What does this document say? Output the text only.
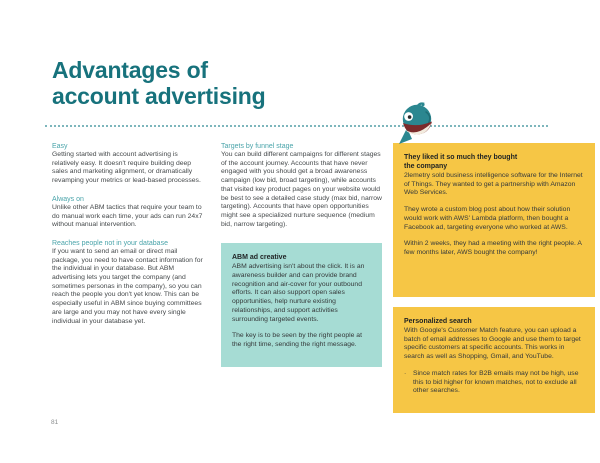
Advantages of
account advertising
Easy

Getting started with account advertising is relatively easy. It doesn't require building deep sales and marketing alignment, or dramatically revamping your metrics or lead-based processes.

Always on

Unlike other ABM tactics that require your team to do manual work each time, your ads can run 24x7 without manual intervention.

Reaches people not in your database

If you want to send an email or direct mail package, you need to have contact information for the individual in your database. But ABM advertising lets you target the company (and sometimes personas in the company), so you can reach the people you don't yet know. This can be especially useful in ABM since buying committees are large and you may not have every single individual in your database yet.

Targets by funnel stage

You can build different campaigns for different stages of the account journey. Accounts that have never engaged with you should get a broad awareness campaign (low bid, broad targeting), while accounts that visited key product pages on your website would be best to see a detailed case study (max bid, narrow targeting). Accounts that have open opportunities might see a specialized nurture sequence (medium bid, narrow targeting).

ABM ad creative

ABM advertising isn't about the click. It is an awareness builder and can provide brand recognition and air-cover for your outbound efforts. It can also support open sales opportunities, help nurture existing relationships, and support activities surrounding targeted events.

The key is to be seen by the right people at the right time, sending the right message.

They liked it so much they bought the company

2lemetry sold business intelligence software for the Internet of Things. They wanted to get a partnership with Amazon Web Services.

They wrote a custom blog post about how their solution would work with AWS' Lambda platform, then bought a Facebook ad, targeting everyone who worked at AWS.

Within 2 weeks, they had a meeting with the right people. A few months later, AWS bought the company!

Personalized search

With Google's Customer Match feature, you can upload a batch of email addresses to Google and use them to target specific customers at specific accounts. This works in search as well as Shopping, Gmail, and YouTube.

· Since match rates for B2B emails may not be high, use this to bid higher for known matches, not to exclude all other searches.
81
